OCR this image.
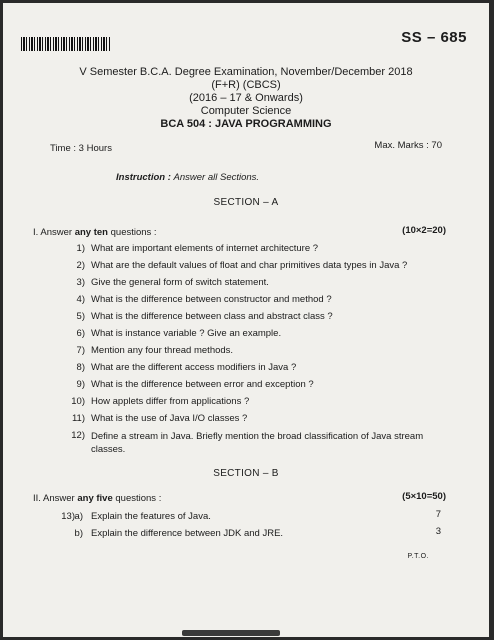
SS – 685
V Semester B.C.A. Degree Examination, November/December 2018
(F+R) (CBCS)
(2016 – 17 & Onwards)
Computer Science
BCA 504 : JAVA PROGRAMMING
Time : 3 Hours	Max. Marks : 70
Instruction : Answer all Sections.
SECTION – A
I. Answer any ten questions :	(10×2=20)
1) What are important elements of internet architecture ?
2) What are the default values of float and char primitives data types in Java ?
3) Give the general form of switch statement.
4) What is the difference between constructor and method ?
5) What is the difference between class and abstract class ?
6) What is instance variable ? Give an example.
7) Mention any four thread methods.
8) What are the different access modifiers in Java ?
9) What is the difference between error and exception ?
10) How applets differ from applications ?
11) What is the use of Java I/O classes ?
12) Define a stream in Java. Briefly mention the broad classification of Java stream classes.
SECTION – B
II. Answer any five questions :	(5×10=50)
13) a) Explain the features of Java.	7
b) Explain the difference between JDK and JRE.	3
P.T.O.
